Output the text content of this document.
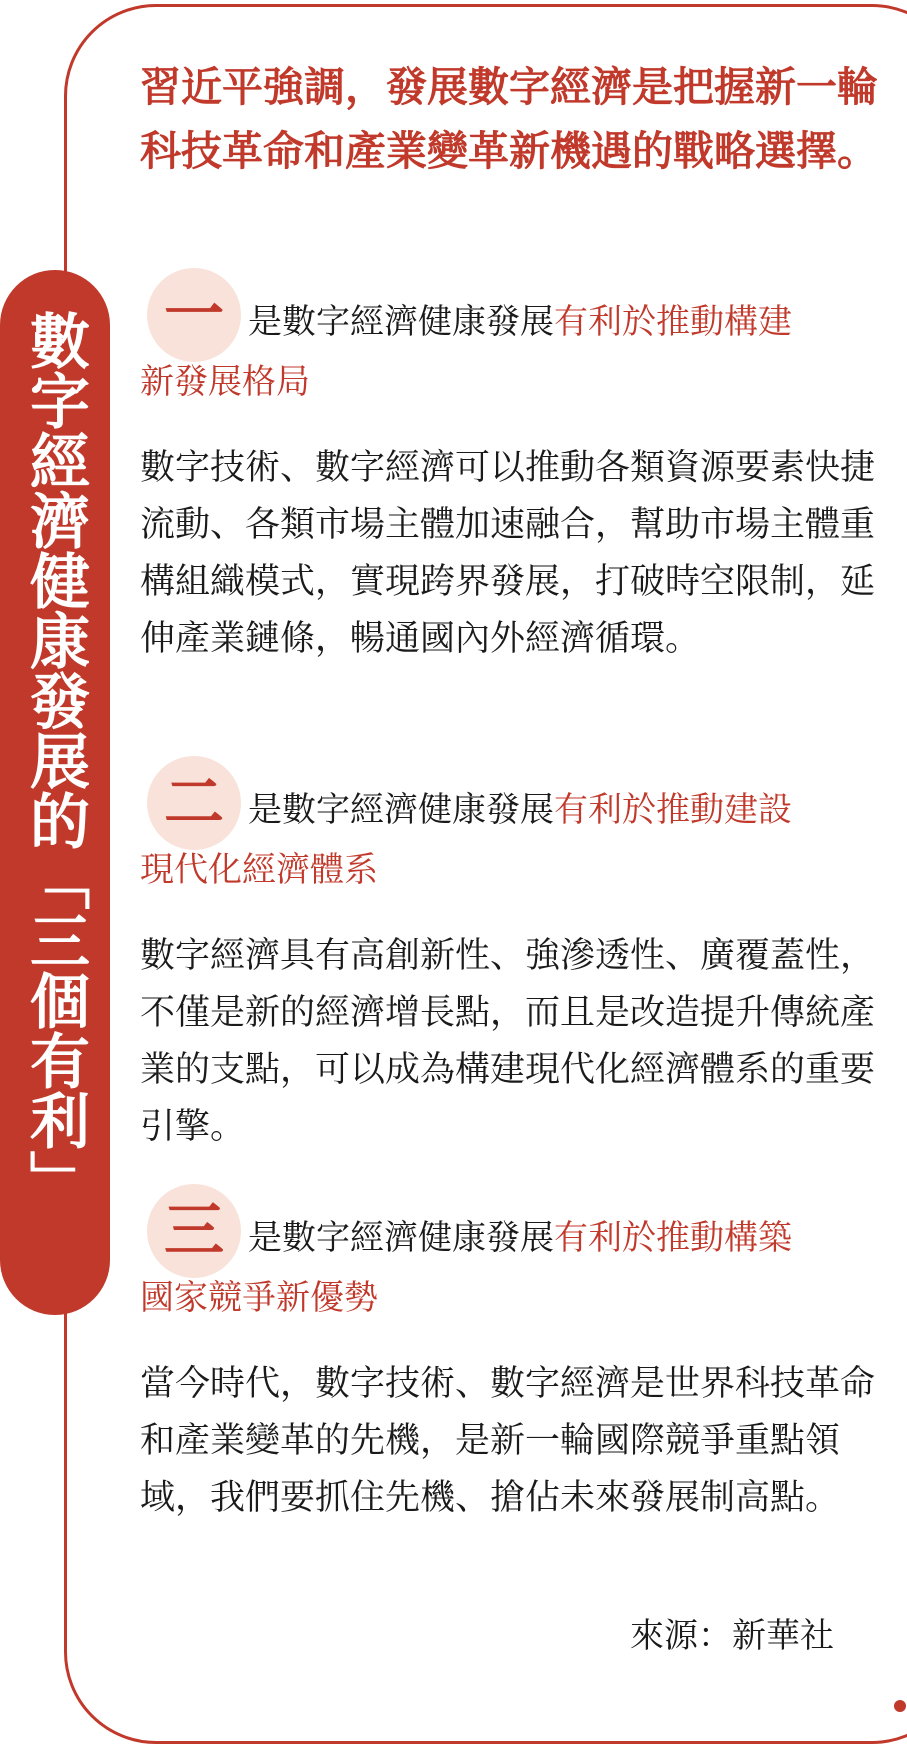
數字經濟健康發展的「三個有利」
習近平強調，發展數字經濟是把握新一輪科技革命和產業變革新機遇的戰略選擇。
一 是數字經濟健康發展有利於推動構建
新發展格局
數字技術、數字經濟可以推動各類資源要素快捷流動、各類市場主體加速融合，幫助市場主體重構組織模式，實現跨界發展，打破時空限制，延伸產業鏈條，暢通國內外經濟循環。
二 是數字經濟健康發展有利於推動建設
現代化經濟體系
數字經濟具有高創新性、強滲透性、廣覆蓋性，不僅是新的經濟增長點，而且是改造提升傳統產業的支點，可以成為構建現代化經濟體系的重要引擎。
三 是數字經濟健康發展有利於推動構築
國家競爭新優勢
當今時代，數字技術、數字經濟是世界科技革命和產業變革的先機，是新一輪國際競爭重點領域，我們要抓住先機、搶佔未來發展制高點。
來源：新華社
